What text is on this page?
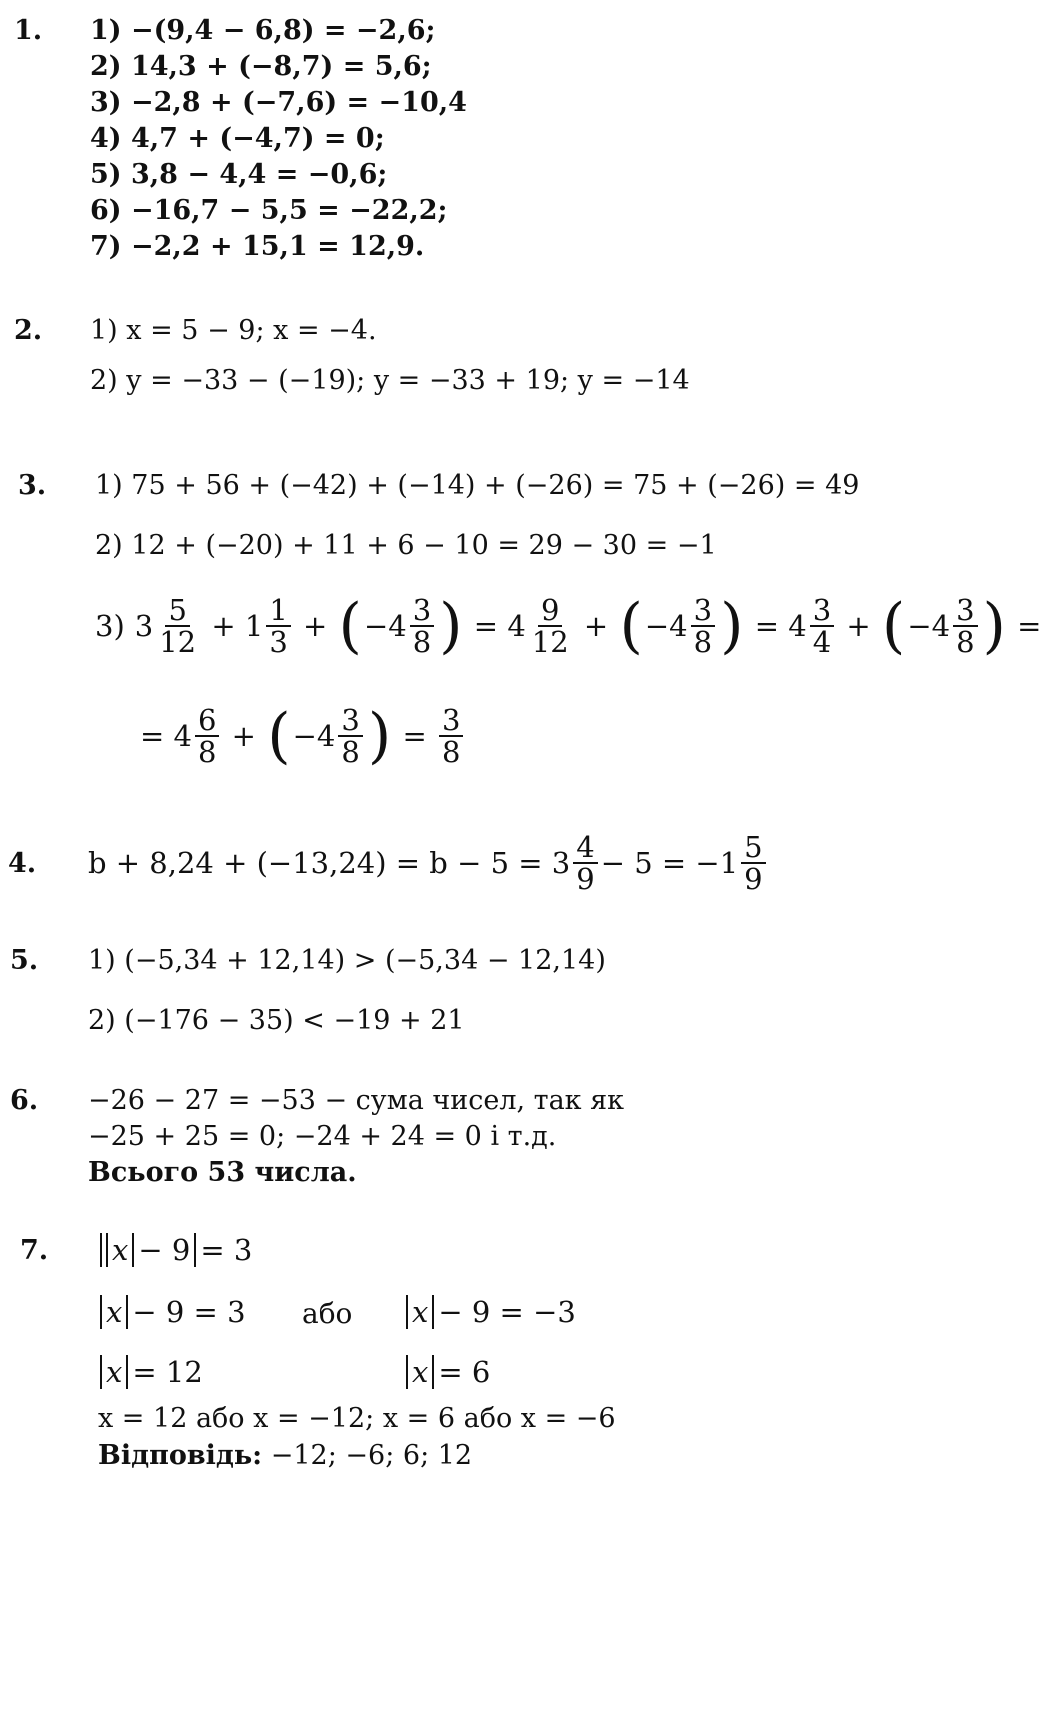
1. 1) −(9,4 − 6,8) = −2,6;
2) 14,3 + (−8,7) = 5,6;
3) −2,8 + (−7,6) = −10,4
4) 4,7 + (−4,7) = 0;
5) 3,8 − 4,4 = −0,6;
6) −16,7 − 5,5 = −22,2;
7) −2,2 + 15,1 = 12,9.
2. 1) x = 5 − 9; x = −4.
2) y = −33 − (−19); y = −33 + 19; y = −14
3. 1) 75 + 56 + (−42) + (−14) + (−26) = 75 + (−26) = 49
2) 12 + (−20) + 11 + 6 − 10 = 29 − 30 = −1
3) $3 \frac{5}{12} + 1 \frac{1}{3}$ + ( $-4 \frac{3}{8}$ ) = $4 \frac{9}{12}$ + ( $-4 \frac{3}{8}$ ) = $4 \frac{3}{4}$ + ( $-4 \frac{3}{8}$ ) =
= $4 \frac{6}{8}$ + ( $-4 \frac{3}{8}$ ) = $\frac{3}{8}$
4. $b + 8,24 + (-13,24) = b - 5 = 3 \frac{4}{9} - 5 = -1 \frac{5}{9}$
5. 1) (−5,34 + 12,14) > (−5,34 − 12,14)
2) (−176 − 35) < −19 + 21
6. −26 − 27 = −53 − сума чисел, так як
−25 + 25 = 0; −24 + 24 = 0 і т.д.
Всього 53 числа.
7. x − 9 = 3
x − 9 = 3 або x − 9 = −3
x = 12	x = 6
x = 12 або x = −12; x = 6 або x = −6
Відповідь: −12; −6; 6; 12
